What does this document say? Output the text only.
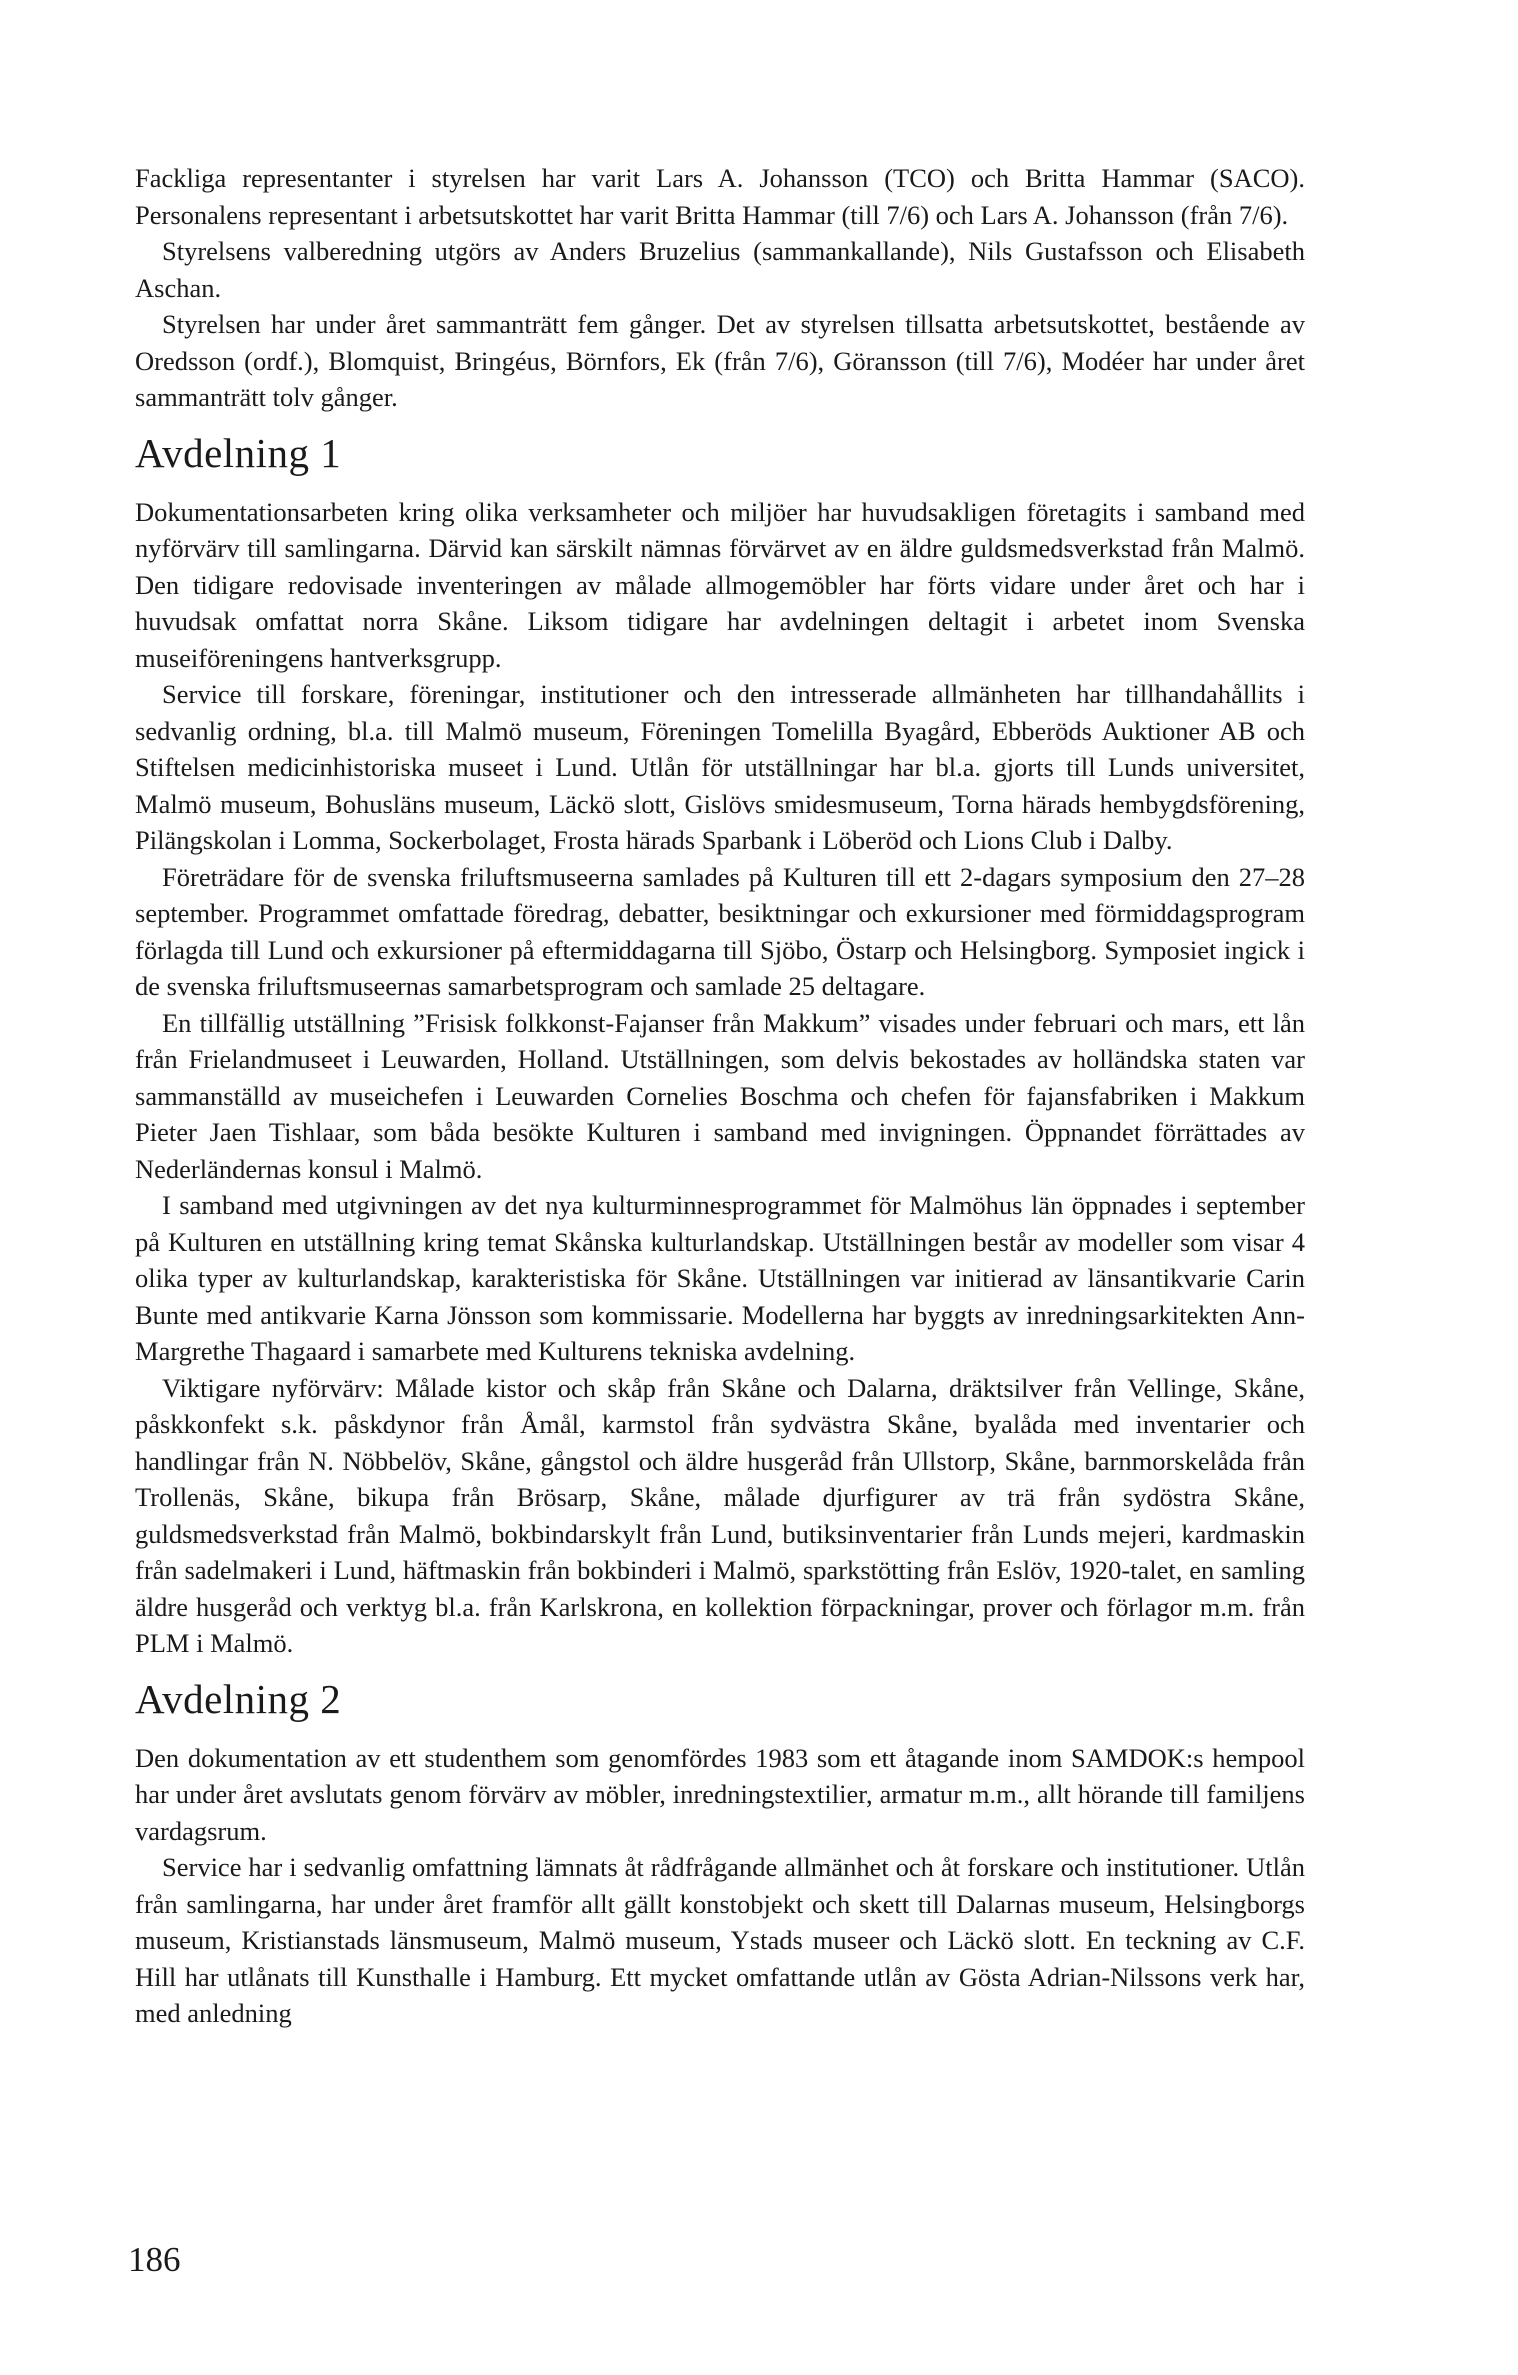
Fackliga representanter i styrelsen har varit Lars A. Johansson (TCO) och Britta Hammar (SACO). Personalens representant i arbetsutskottet har varit Britta Hammar (till 7/6) och Lars A. Johansson (från 7/6).

Styrelsens valberedning utgörs av Anders Bruzelius (sammankallande), Nils Gustafsson och Elisabeth Aschan.

Styrelsen har under året sammanträtt fem gånger. Det av styrelsen tillsatta arbetsutskottet, bestående av Oredsson (ordf.), Blomquist, Bringéus, Börnfors, Ek (från 7/6), Göransson (till 7/6), Modéer har under året sammanträtt tolv gånger.

Avdelning 1

Dokumentationsarbeten kring olika verksamheter och miljöer har huvudsakligen företagits i samband med nyförvärv till samlingarna. Därvid kan särskilt nämnas förvärvet av en äldre guldsmedsverkstad från Malmö. Den tidigare redovisade inventeringen av målade allmogemöbler har förts vidare under året och har i huvudsak omfattat norra Skåne. Liksom tidigare har avdelningen deltagit i arbetet inom Svenska museiföreningens hantverksgrupp.

Service till forskare, föreningar, institutioner och den intresserade allmänheten har tillhandahållits i sedvanlig ordning, bl.a. till Malmö museum, Föreningen Tomelilla Byagård, Ebberöds Auktioner AB och Stiftelsen medicinhistoriska museet i Lund. Utlån för utställningar har bl.a. gjorts till Lunds universitet, Malmö museum, Bohusläns museum, Läckö slott, Gislövs smidesmuseum, Torna härads hembygdsförening, Pilängskolan i Lomma, Sockerbolaget, Frosta härads Sparbank i Löberöd och Lions Club i Dalby.

Företrädare för de svenska friluftsmuseerna samlades på Kulturen till ett 2-dagars symposium den 27–28 september. Programmet omfattade föredrag, debatter, besiktningar och exkursioner med förmiddagsprogram förlagda till Lund och exkursioner på eftermiddagarna till Sjöbo, Östarp och Helsingborg. Symposiet ingick i de svenska friluftsmuseernas samarbetsprogram och samlade 25 deltagare.

En tillfällig utställning ”Frisisk folkkonst-Fajanser från Makkum” visades under februari och mars, ett lån från Frielandmuseet i Leuwarden, Holland. Utställningen, som delvis bekostades av holländska staten var sammanställd av museichefen i Leuwarden Cornelies Boschma och chefen för fajansfabriken i Makkum Pieter Jaen Tishlaar, som båda besökte Kulturen i samband med invigningen. Öppnandet förrättades av Nederländernas konsul i Malmö.

I samband med utgivningen av det nya kulturminnesprogrammet för Malmöhus län öppnades i september på Kulturen en utställning kring temat Skånska kulturlandskap. Utställningen består av modeller som visar 4 olika typer av kulturlandskap, karakteristiska för Skåne. Utställningen var initierad av länsantikvarie Carin Bunte med antikvarie Karna Jönsson som kommissarie. Modellerna har byggts av inredningsarkitekten Ann-Margrethe Thagaard i samarbete med Kulturens tekniska avdelning.

Viktigare nyförvärv: Målade kistor och skåp från Skåne och Dalarna, dräktsilver från Vellinge, Skåne, påskkonfekt s.k. påskdynor från Åmål, karmstol från sydvästra Skåne, byalåda med inventarier och handlingar från N. Nöbbelöv, Skåne, gångstol och äldre husgeråd från Ullstorp, Skåne, barnmorskelåda från Trollenäs, Skåne, bikupa från Brösarp, Skåne, målade djurfigurer av trä från sydöstra Skåne, guldsmedsverkstad från Malmö, bokbindarskylt från Lund, butiksinventarier från Lunds mejeri, kardmaskin från sadelmakeri i Lund, häftmaskin från bokbinderi i Malmö, sparkstötting från Eslöv, 1920-talet, en samling äldre husgeråd och verktyg bl.a. från Karlskrona, en kollektion förpackningar, prover och förlagor m.m. från PLM i Malmö.

Avdelning 2

Den dokumentation av ett studenthem som genomfördes 1983 som ett åtagande inom SAMDOK:s hempool har under året avslutats genom förvärv av möbler, inredningstextilier, armatur m.m., allt hörande till familjens vardagsrum.

Service har i sedvanlig omfattning lämnats åt rådfrågande allmänhet och åt forskare och institutioner. Utlån från samlingarna, har under året framför allt gällt konstobjekt och skett till Dalarnas museum, Helsingborgs museum, Kristianstads länsmuseum, Malmö museum, Ystads museer och Läckö slott. En teckning av C.F. Hill har utlånats till Kunsthalle i Hamburg. Ett mycket omfattande utlån av Gösta Adrian-Nilssons verk har, med anledning

186
